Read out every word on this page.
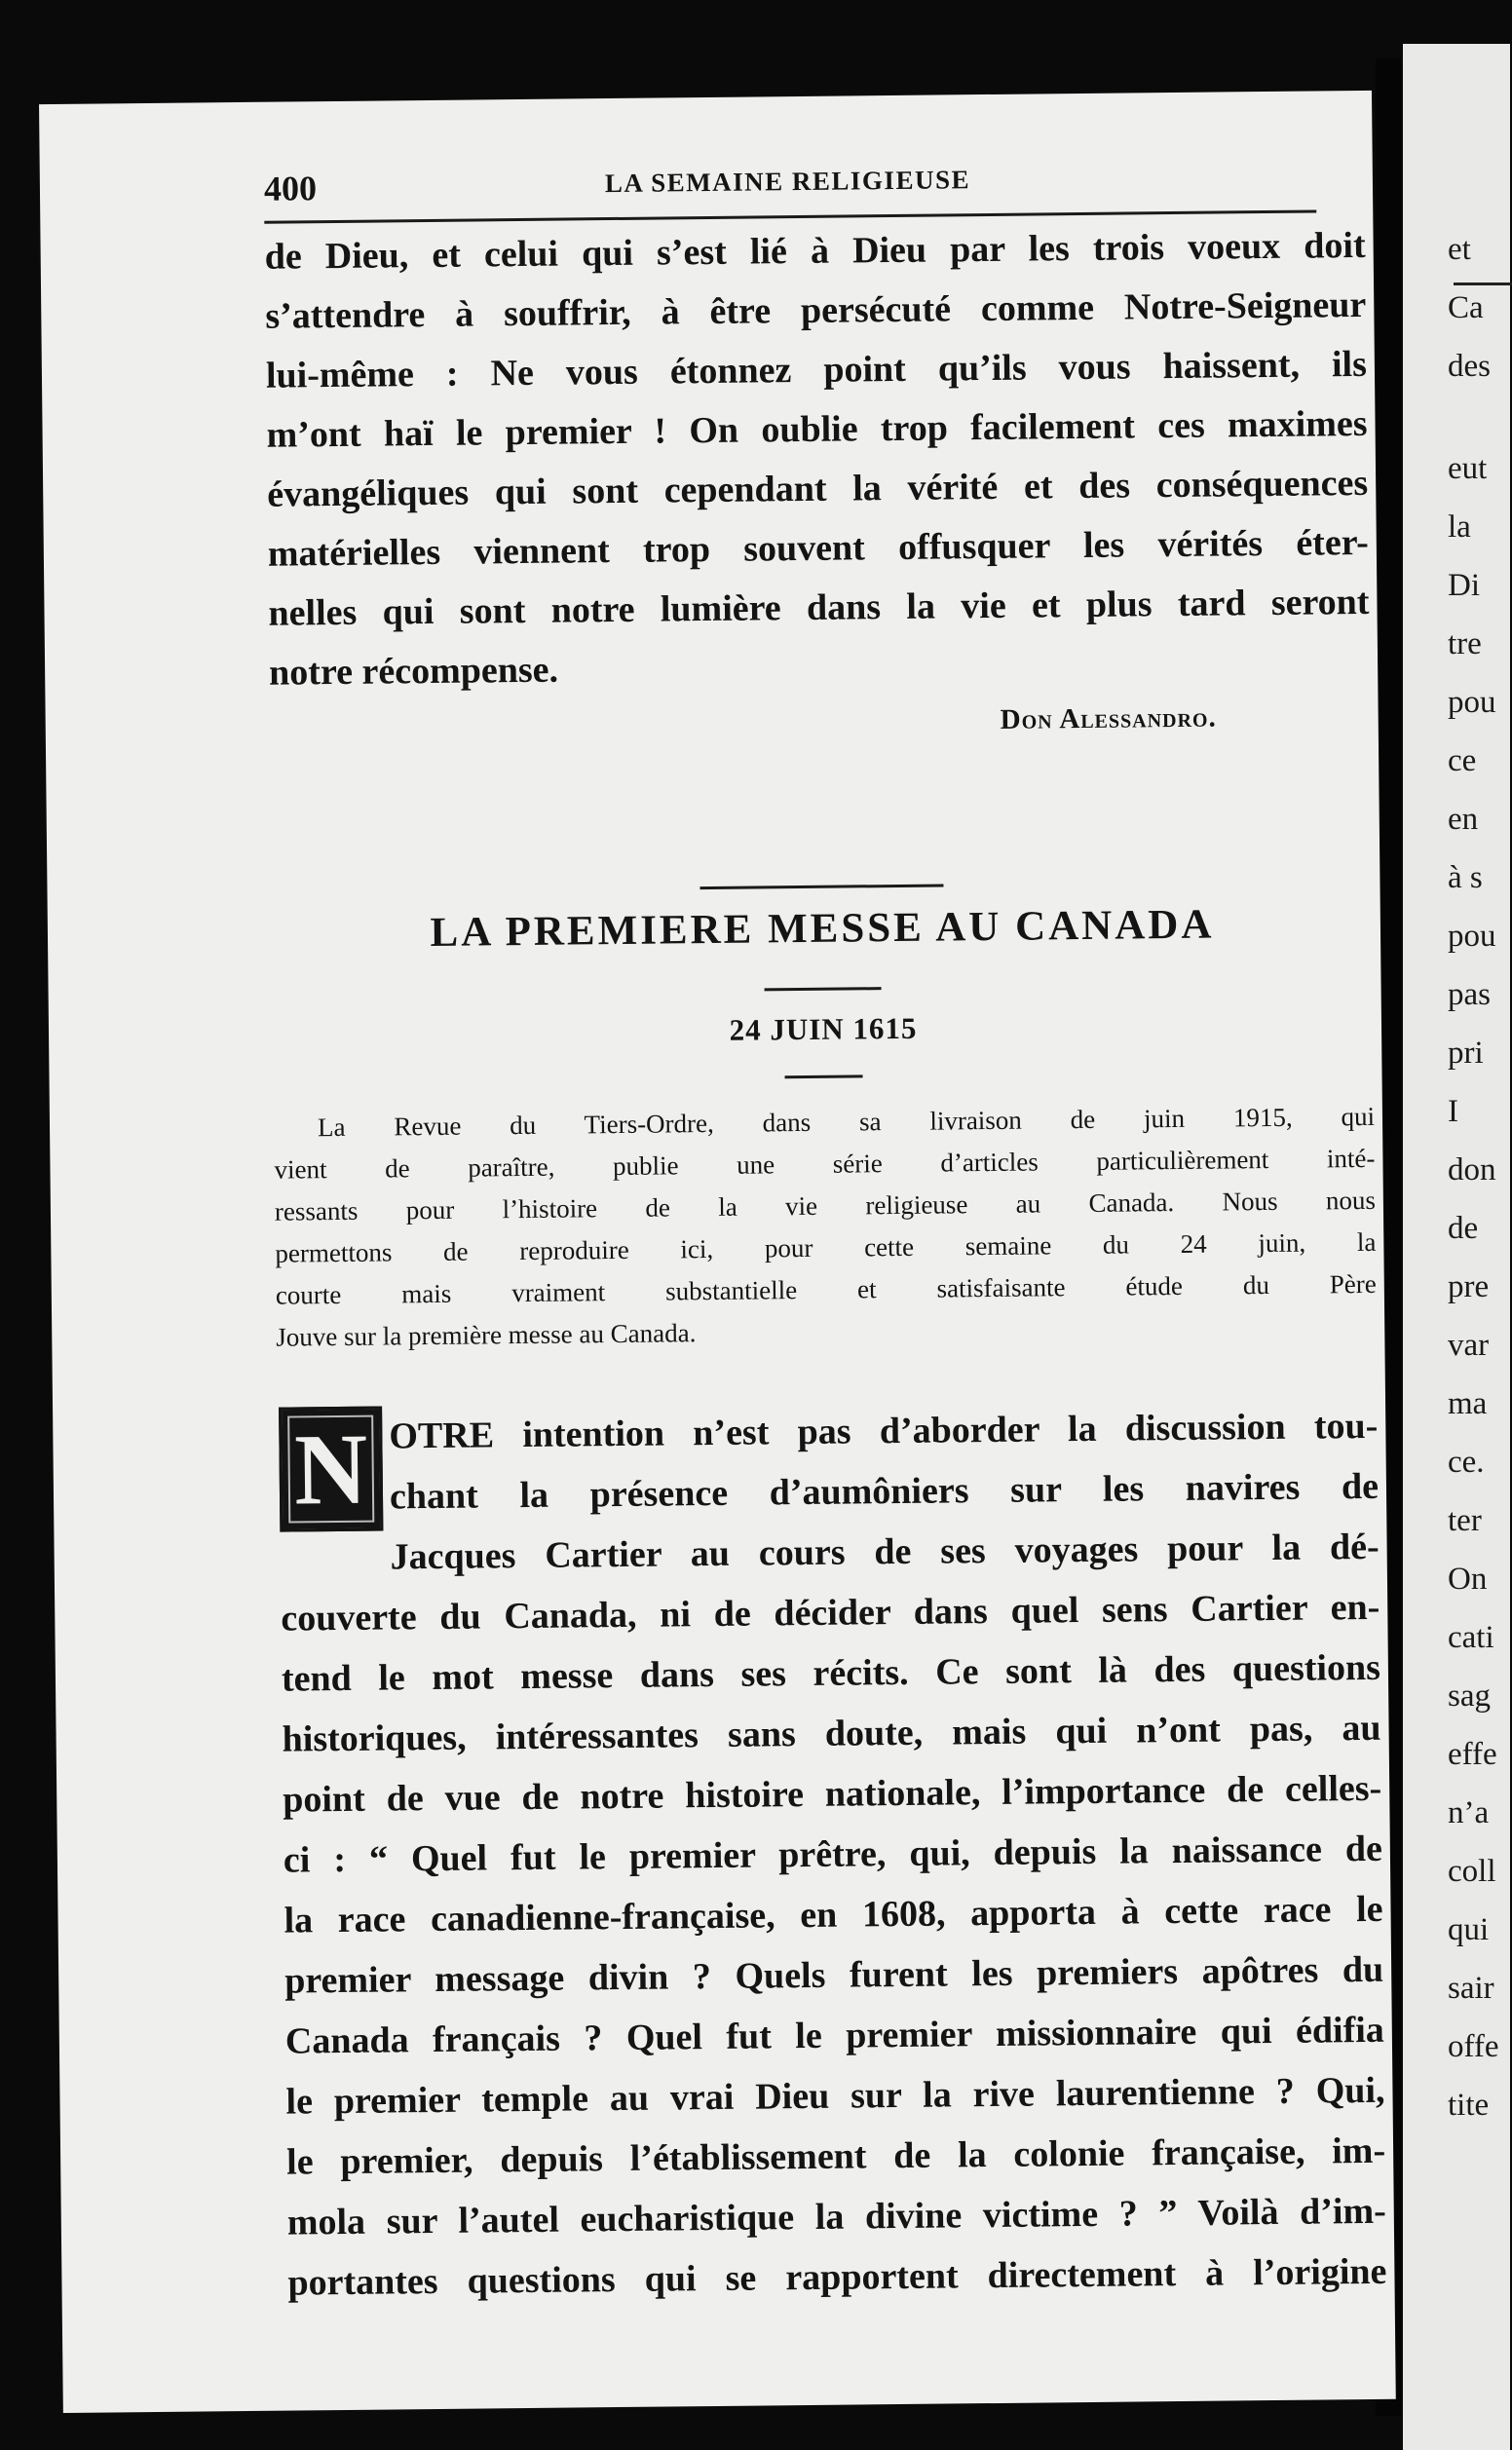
et
Ca
des
eut
la
Di
tre
pou
ce
en
à s
pou
pas
pri
I
don
de
pre
var
ma
ce.
ter
On
cati
sag
effe
n’a
coll
qui
sair
offe
tite
400	LA SEMAINE RELIGIEUSE
de Dieu, et celui qui s’est lié à Dieu par les trois voeux doit
s’attendre à souffrir, à être persécuté comme Notre-Seigneur
lui-même : Ne vous étonnez point qu’ils vous haissent, ils
m’ont haï le premier ! On oublie trop facilement ces maximes
évangéliques qui sont cependant la vérité et des conséquences
matérielles viennent trop souvent offusquer les vérités éter-
nelles qui sont notre lumière dans la vie et plus tard seront
notre récompense.
Don Alessandro.
LA PREMIERE MESSE AU CANADA
24 JUIN 1615
La Revue du Tiers-Ordre, dans sa livraison de juin 1915, qui
vient de paraître, publie une série d’articles particulièrement inté-
ressants pour l’histoire de la vie religieuse au Canada. Nous nous
permettons de reproduire ici, pour cette semaine du 24 juin, la
courte mais vraiment substantielle et satisfaisante étude du Père
Jouve sur la première messe au Canada.
N OTRE intention n’est pas d’aborder la discussion tou-
chant la présence d’aumôniers sur les navires de
Jacques Cartier au cours de ses voyages pour la dé-
couverte du Canada, ni de décider dans quel sens Cartier en-
tend le mot messe dans ses récits. Ce sont là des questions
historiques, intéressantes sans doute, mais qui n’ont pas, au
point de vue de notre histoire nationale, l’importance de celles-
ci : “ Quel fut le premier prêtre, qui, depuis la naissance de
la race canadienne-française, en 1608, apporta à cette race le
premier message divin ? Quels furent les premiers apôtres du
Canada français ? Quel fut le premier missionnaire qui édifia
le premier temple au vrai Dieu sur la rive laurentienne ? Qui,
le premier, depuis l’établissement de la colonie française, im-
mola sur l’autel eucharistique la divine victime ? ” Voilà d’im-
portantes questions qui se rapportent directement à l’origine
